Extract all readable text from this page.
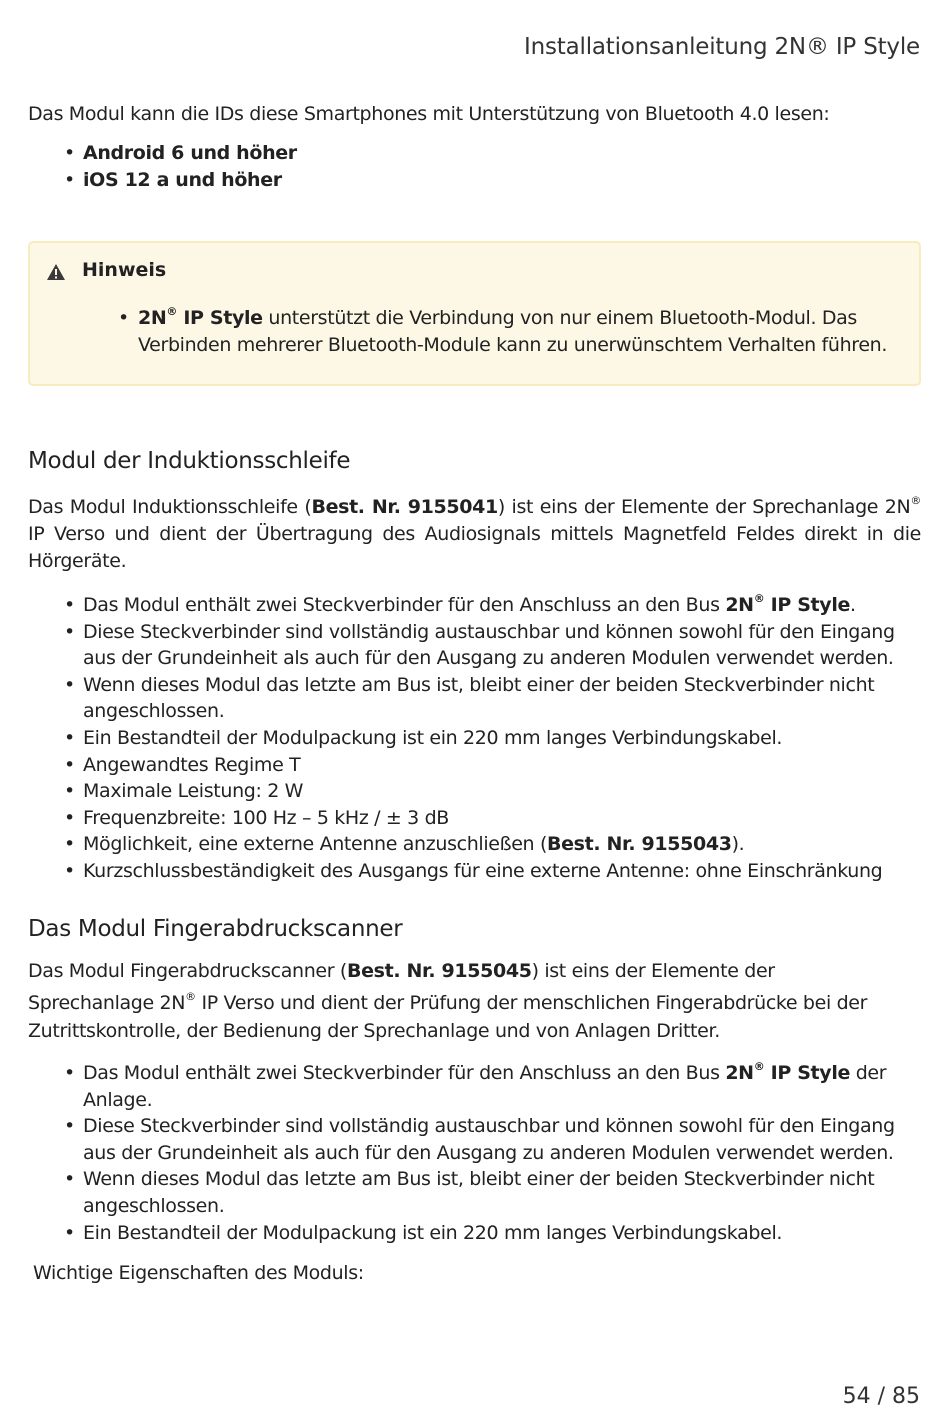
Installationsanleitung 2N® IP Style
Das Modul kann die IDs diese Smartphones mit Unterstützung von Bluetooth 4.0 lesen:
• Android 6 und höher
• iOS 12 a und höher
Hinweis
• 2N® IP Style unterstützt die Verbindung von nur einem Bluetooth-Modul. Das Verbinden mehrerer Bluetooth-Module kann zu unerwünschtem Verhalten führen.
Modul der Induktionsschleife
Das Modul Induktionsschleife (Best. Nr. 9155041) ist eins der Elemente der Sprechanlage 2N® IP Verso und dient der Übertragung des Audiosignals mittels Magnetfeld Feldes direkt in die Hörgeräte.
• Das Modul enthält zwei Steckverbinder für den Anschluss an den Bus 2N® IP Style.
• Diese Steckverbinder sind vollständig austauschbar und können sowohl für den Eingang aus der Grundeinheit als auch für den Ausgang zu anderen Modulen verwendet werden.
• Wenn dieses Modul das letzte am Bus ist, bleibt einer der beiden Steckverbinder nicht angeschlossen.
• Ein Bestandteil der Modulpackung ist ein 220 mm langes Verbindungskabel.
• Angewandtes Regime T
• Maximale Leistung: 2 W
• Frequenzbreite: 100 Hz – 5 kHz / ± 3 dB
• Möglichkeit, eine externe Antenne anzuschließen (Best. Nr. 9155043).
• Kurzschlussbeständigkeit des Ausgangs für eine externe Antenne: ohne Einschränkung
Das Modul Fingerabdruckscanner
Das Modul Fingerabdruckscanner (Best. Nr. 9155045) ist eins der Elemente der
Sprechanlage 2N® IP Verso und dient der Prüfung der menschlichen Fingerabdrücke bei der Zutrittskontrolle, der Bedienung der Sprechanlage und von Anlagen Dritter.
• Das Modul enthält zwei Steckverbinder für den Anschluss an den Bus 2N® IP Style der Anlage.
• Diese Steckverbinder sind vollständig austauschbar und können sowohl für den Eingang aus der Grundeinheit als auch für den Ausgang zu anderen Modulen verwendet werden.
• Wenn dieses Modul das letzte am Bus ist, bleibt einer der beiden Steckverbinder nicht angeschlossen.
• Ein Bestandteil der Modulpackung ist ein 220 mm langes Verbindungskabel.
Wichtige Eigenschaften des Moduls:
54 / 85
